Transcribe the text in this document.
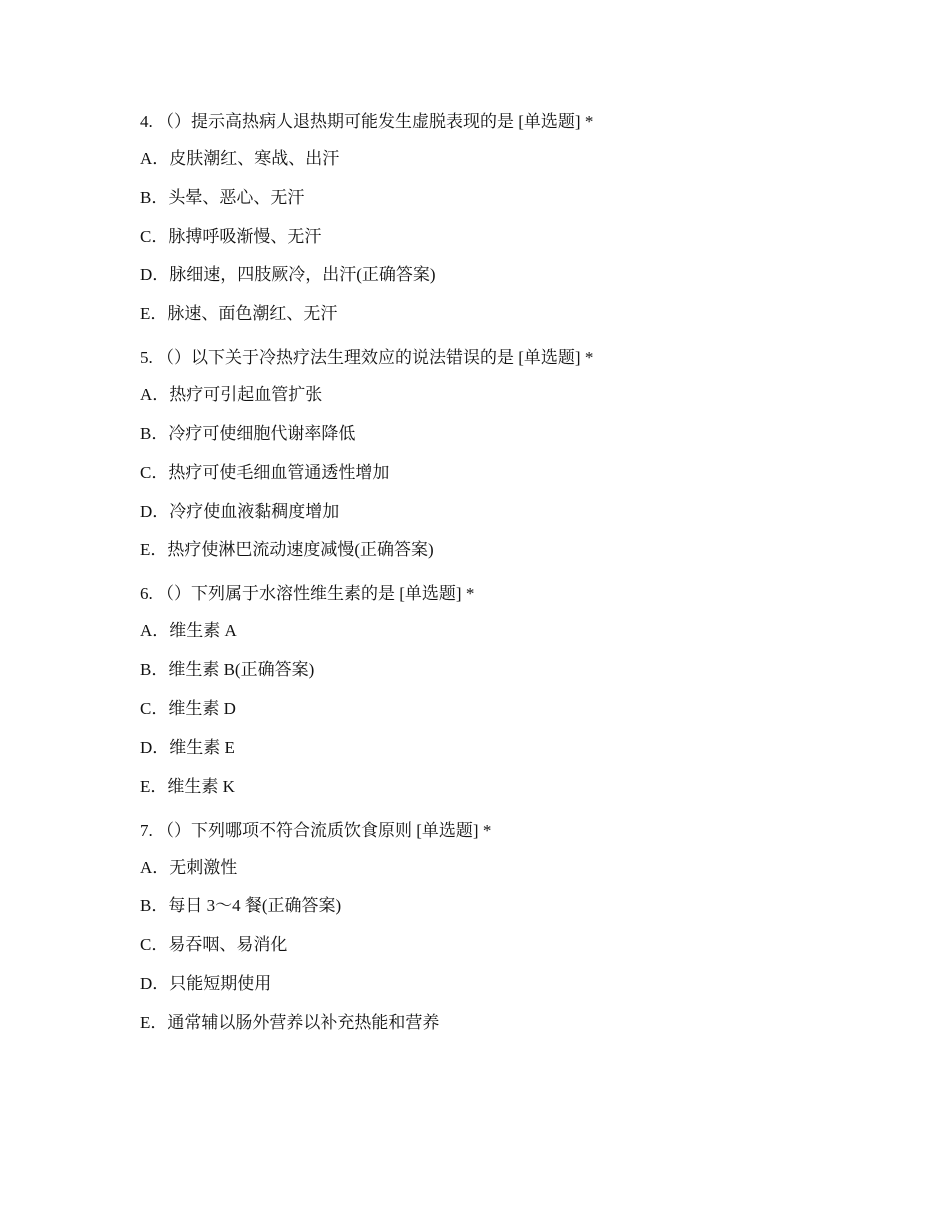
4. （）提示高热病人退热期可能发生虚脱表现的是 [单选题] *
A．皮肤潮红、寒战、出汗
B．头晕、恶心、无汗
C．脉搏呼吸渐慢、无汗
D．脉细速，四肢厥冷，出汗(正确答案)
E．脉速、面色潮红、无汗
5. （）以下关于冷热疗法生理效应的说法错误的是 [单选题] *
A．热疗可引起血管扩张
B．冷疗可使细胞代谢率降低
C．热疗可使毛细血管通透性增加
D．冷疗使血液黏稠度增加
E．热疗使淋巴流动速度减慢(正确答案)
6. （）下列属于水溶性维生素的是 [单选题] *
A．维生素 A
B．维生素 B(正确答案)
C．维生素 D
D．维生素 E
E．维生素 K
7. （）下列哪项不符合流质饮食原则 [单选题] *
A．无刺激性
B．每日 3～4 餐(正确答案)
C．易吞咽、易消化
D．只能短期使用
E．通常辅以肠外营养以补充热能和营养
